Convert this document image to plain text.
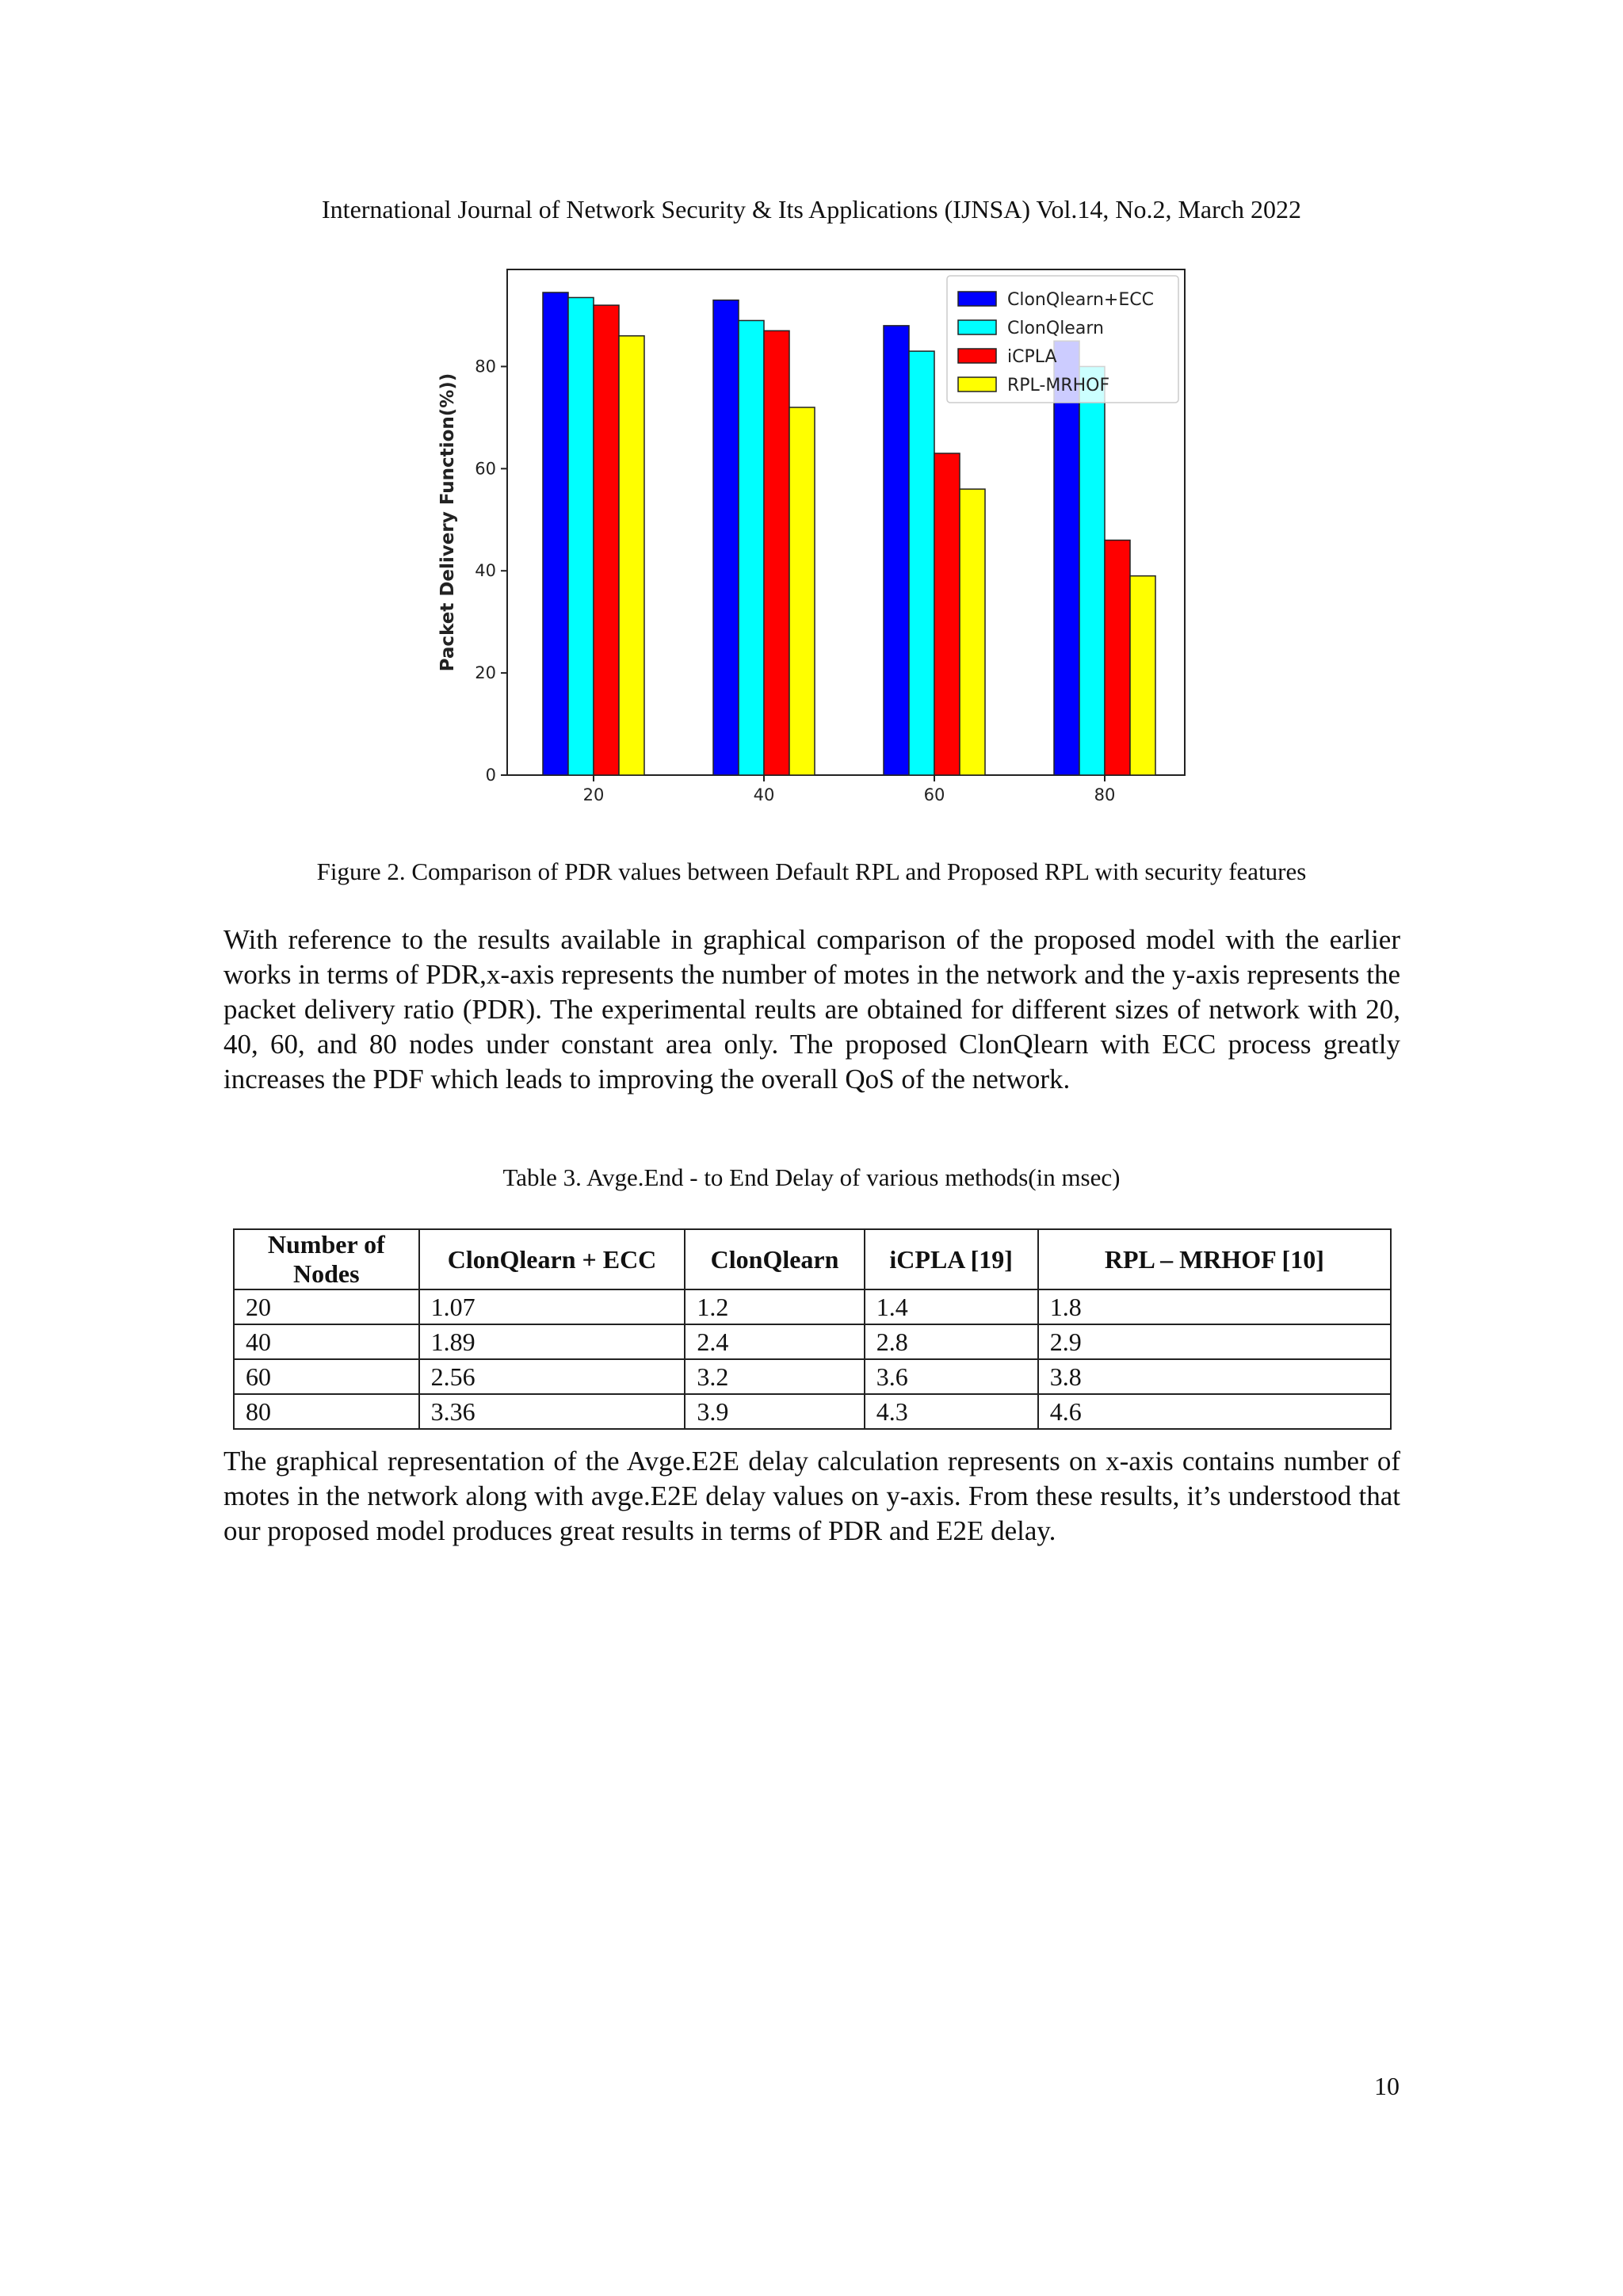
International Journal of Network Security & Its Applications (IJNSA) Vol.14, No.2, March 2022
0
20
40
60
80
Packet Delivery Function(%))
20	40	60	80
ClonQlearn+ECC
ClonQlearn
iCPLA
RPL-MRHOF
Figure 2. Comparison of PDR values between Default RPL and Proposed RPL with security features

With reference to the results available in graphical comparison of the proposed model with the earlier works in terms of PDR,x-axis represents the number of motes in the network and the y-axis represents the packet delivery ratio (PDR). The experimental reults are obtained for different sizes of network with 20, 40, 60, and 80 nodes under constant area only. The proposed ClonQlearn with ECC process greatly increases the PDF which leads to improving the overall QoS of the network.

Table 3. Avge.End - to End Delay of various methods(in msec)
Number of Nodes	ClonQlearn + ECC	ClonQlearn	iCPLA [19]	RPL – MRHOF [10]
20	1.07	1.2	1.4	1.8
40	1.89	2.4	2.8	2.9
60	2.56	3.2	3.6	3.8
80	3.36	3.9	4.3	4.6

The graphical representation of the Avge.E2E delay calculation represents on x-axis contains number of motes in the network along with avge.E2E delay values on y-axis. From these results, it’s understood that our proposed model produces great results in terms of PDR and E2E delay.

10
